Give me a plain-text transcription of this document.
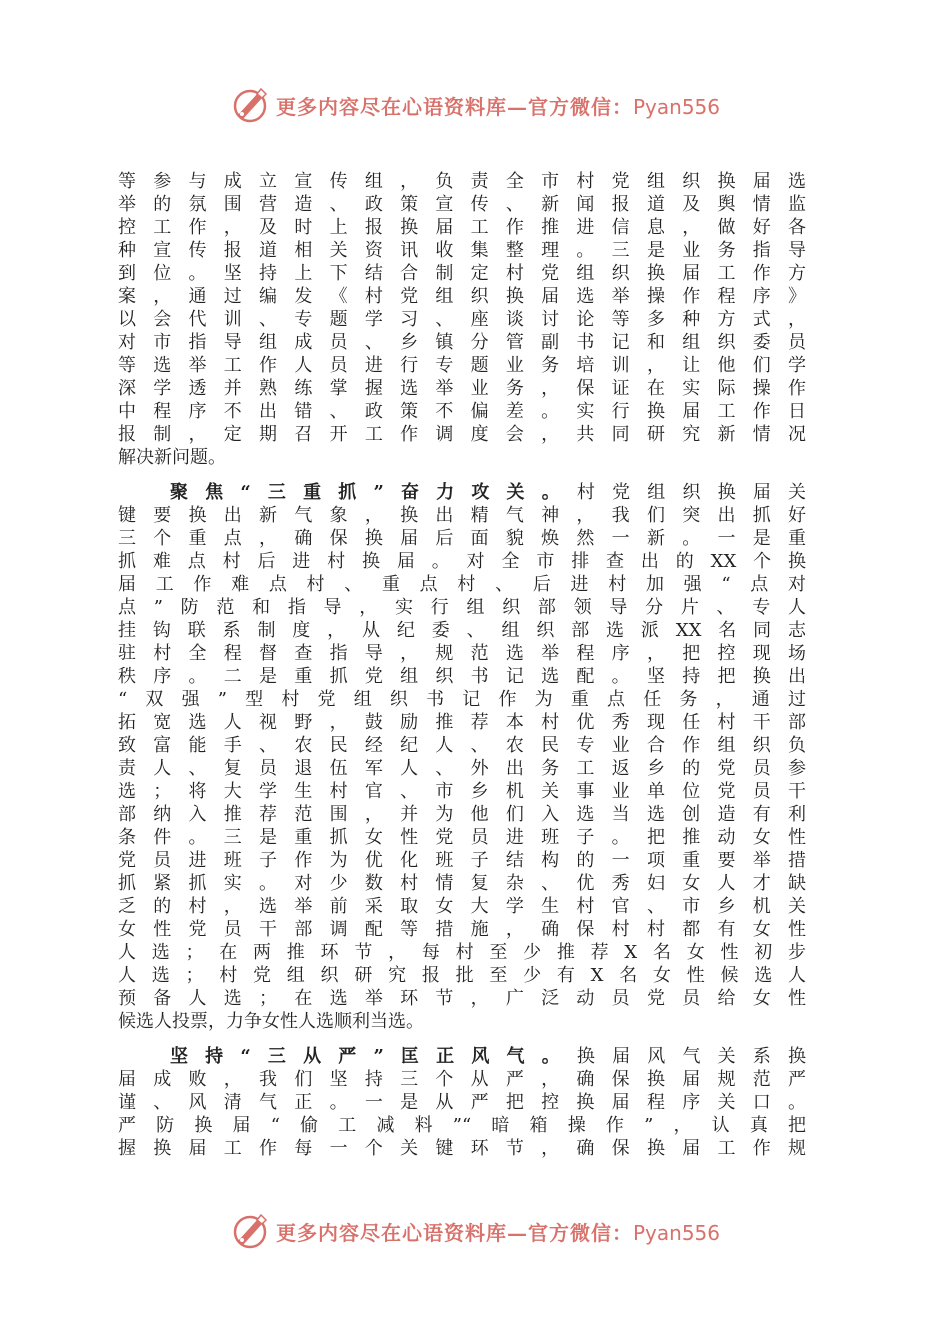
更多内容尽在心语资料库—官方微信：Pyan556
等参与成立宣传组，负责全市村党组织换届选
举的氛围营造、政策宣传、新闻报道及舆情监
控工作，及时上报换届工作推进信息，做好各
种宣传报道相关资讯收集整理。三是业务指导
到位。坚持上下结合制定村党组织换届工作方
案，通过编发《村党组织换届选举操作程序》
以会代训、专题学习、座谈讨论等多种方式，
对市指导组成员、乡镇分管副书记和组织委员
等选举工作人员进行专题业务培训，让他们学
深学透并熟练掌握选举业务，保证在实际操作
中程序不出错、政策不偏差。实行换届工作日
报制，定期召开工作调度会，共同研究新情况
解决新问题。
聚焦“三重抓”奋力攻关。村党组织换届关
键要换出新气象，换出精气神，我们突出抓好
三个重点，确保换届后面貌焕然一新。一是重
抓难点村后进村换届。对全市排查出的XX个换
届工作难点村、重点村、后进村加强“点对
点”防范和指导，实行组织部领导分片、专人
挂钩联系制度，从纪委、组织部选派XX名同志
驻村全程督查指导，规范选举程序，把控现场
秩序。二是重抓党组织书记选配。坚持把换出
“双强”型村党组织书记作为重点任务，通过
拓宽选人视野，鼓励推荐本村优秀现任村干部
致富能手、农民经纪人、农民专业合作组织负
责人、复员退伍军人、外出务工返乡的党员参
选；将大学生村官、市乡机关事业单位党员干
部纳入推荐范围，并为他们入选当选创造有利
条件。三是重抓女性党员进班子。把推动女性
党员进班子作为优化班子结构的一项重要举措
抓紧抓实。对少数村情复杂、优秀妇女人才缺
乏的村，选举前采取女大学生村官、市乡机关
女性党员干部调配等措施，确保村村都有女性
人选；在两推环节，每村至少推荐X名女性初步
人选；村党组织研究报批至少有X名女性候选人
预备人选；在选举环节，广泛动员党员给女性
候选人投票，力争女性人选顺利当选。
坚持“三从严”匡正风气。换届风气关系换
届成败，我们坚持三个从严，确保换届规范严
谨、风清气正。一是从严把控换届程序关口。
严防换届“偷工减料”“暗箱操作”，认真把
握换届工作每一个关键环节，确保换届工作规
更多内容尽在心语资料库—官方微信：Pyan556
